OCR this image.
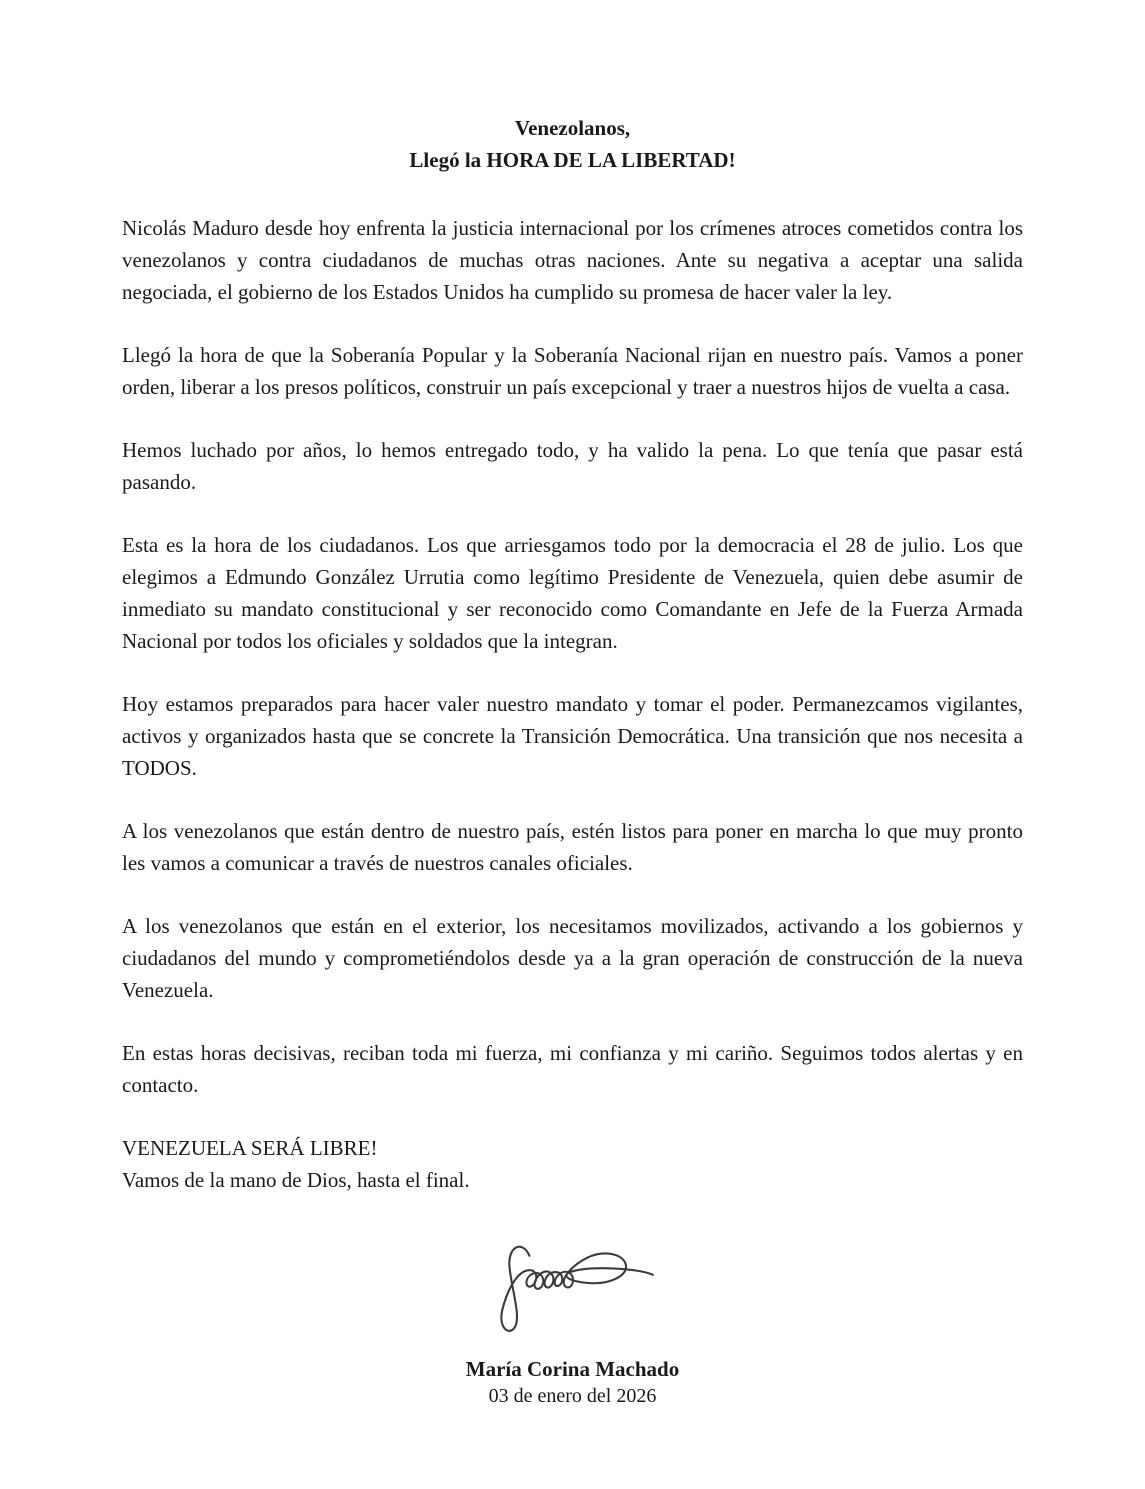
Venezolanos,
Llegó la HORA DE LA LIBERTAD!

Nicolás Maduro desde hoy enfrenta la justicia internacional por los crímenes atroces cometidos contra los venezolanos y contra ciudadanos de muchas otras naciones. Ante su negativa a aceptar una salida negociada, el gobierno de los Estados Unidos ha cumplido su promesa de hacer valer la ley.

Llegó la hora de que la Soberanía Popular y la Soberanía Nacional rijan en nuestro país. Vamos a poner orden, liberar a los presos políticos, construir un país excepcional y traer a nuestros hijos de vuelta a casa.

Hemos luchado por años, lo hemos entregado todo, y ha valido la pena. Lo que tenía que pasar está pasando.

Esta es la hora de los ciudadanos. Los que arriesgamos todo por la democracia el 28 de julio. Los que elegimos a Edmundo González Urrutia como legítimo Presidente de Venezuela, quien debe asumir de inmediato su mandato constitucional y ser reconocido como Comandante en Jefe de la Fuerza Armada Nacional por todos los oficiales y soldados que la integran.

Hoy estamos preparados para hacer valer nuestro mandato y tomar el poder. Permanezcamos vigilantes, activos y organizados hasta que se concrete la Transición Democrática. Una transición que nos necesita a TODOS.

A los venezolanos que están dentro de nuestro país, estén listos para poner en marcha lo que muy pronto les vamos a comunicar a través de nuestros canales oficiales.

A los venezolanos que están en el exterior, los necesitamos movilizados, activando a los gobiernos y ciudadanos del mundo y comprometiéndolos desde ya a la gran operación de construcción de la nueva Venezuela.

En estas horas decisivas, reciban toda mi fuerza, mi confianza y mi cariño. Seguimos todos alertas y en contacto.

VENEZUELA SERÁ LIBRE!
Vamos de la mano de Dios, hasta el final.
María Corina Machado
03 de enero del 2026
